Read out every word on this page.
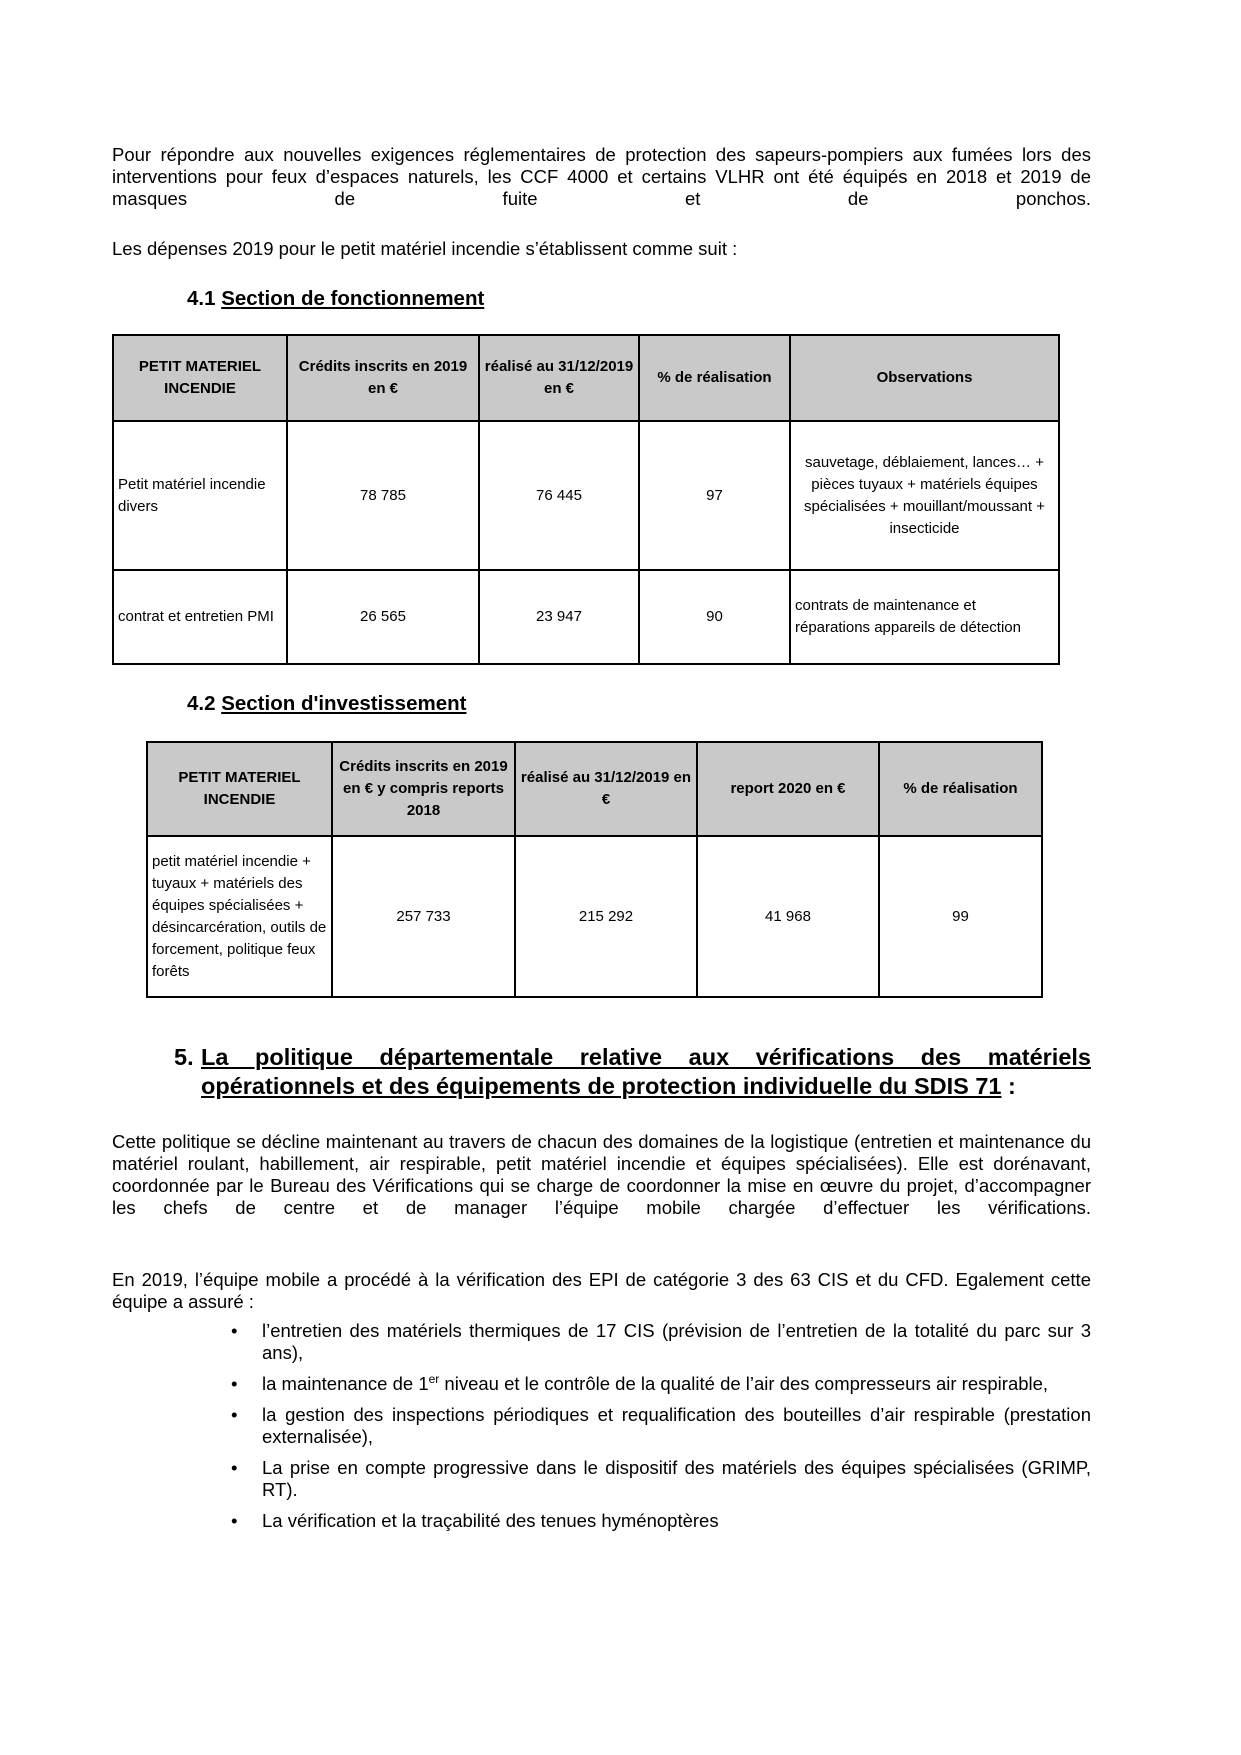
Pour répondre aux nouvelles exigences réglementaires de protection des sapeurs-pompiers aux fumées lors des interventions pour feux d’espaces naturels, les CCF 4000 et certains VLHR ont été équipés en 2018 et 2019 de masques de fuite et de ponchos.
Les dépenses 2019 pour le petit matériel incendie s’établissent comme suit :
4.1 Section de fonctionnement
PETIT MATERIEL INCENDIE	Crédits inscrits en 2019 en €	réalisé au 31/12/2019 en €	% de réalisation	Observations
Petit matériel incendie divers	78 785	76 445	97	sauvetage, déblaiement, lances… + pièces tuyaux + matériels équipes spécialisées + mouillant/moussant + insecticide
contrat et entretien PMI	26 565	23 947	90	contrats de maintenance et réparations appareils de détection
4.2 Section d'investissement
PETIT MATERIEL INCENDIE	Crédits inscrits en 2019 en € y compris reports 2018	réalisé au 31/12/2019 en €	report 2020 en €	% de réalisation
petit matériel incendie + tuyaux + matériels des équipes spécialisées + désincarcération, outils de forcement, politique feux forêts	257 733	215 292	41 968	99
5. La politique départementale relative aux vérifications des matériels
opérationnels et des équipements de protection individuelle du SDIS 71 :
Cette politique se décline maintenant au travers de chacun des domaines de la logistique (entretien et maintenance du matériel roulant, habillement, air respirable, petit matériel incendie et équipes spécialisées). Elle est dorénavant, coordonnée par le Bureau des Vérifications qui se charge de coordonner la mise en œuvre du projet, d’accompagner les chefs de centre et de manager l’équipe mobile chargée d’effectuer les vérifications.
En 2019, l’équipe mobile a procédé à la vérification des EPI de catégorie 3 des 63 CIS et du CFD. Egalement cette équipe a assuré :
• l’entretien des matériels thermiques de 17 CIS (prévision de l’entretien de la totalité du parc sur 3 ans),
• la maintenance de 1er niveau et le contrôle de la qualité de l’air des compresseurs air respirable,
• la gestion des inspections périodiques et requalification des bouteilles d’air respirable (prestation externalisée),
• La prise en compte progressive dans le dispositif des matériels des équipes spécialisées (GRIMP, RT).
• La vérification et la traçabilité des tenues hyménoptères
